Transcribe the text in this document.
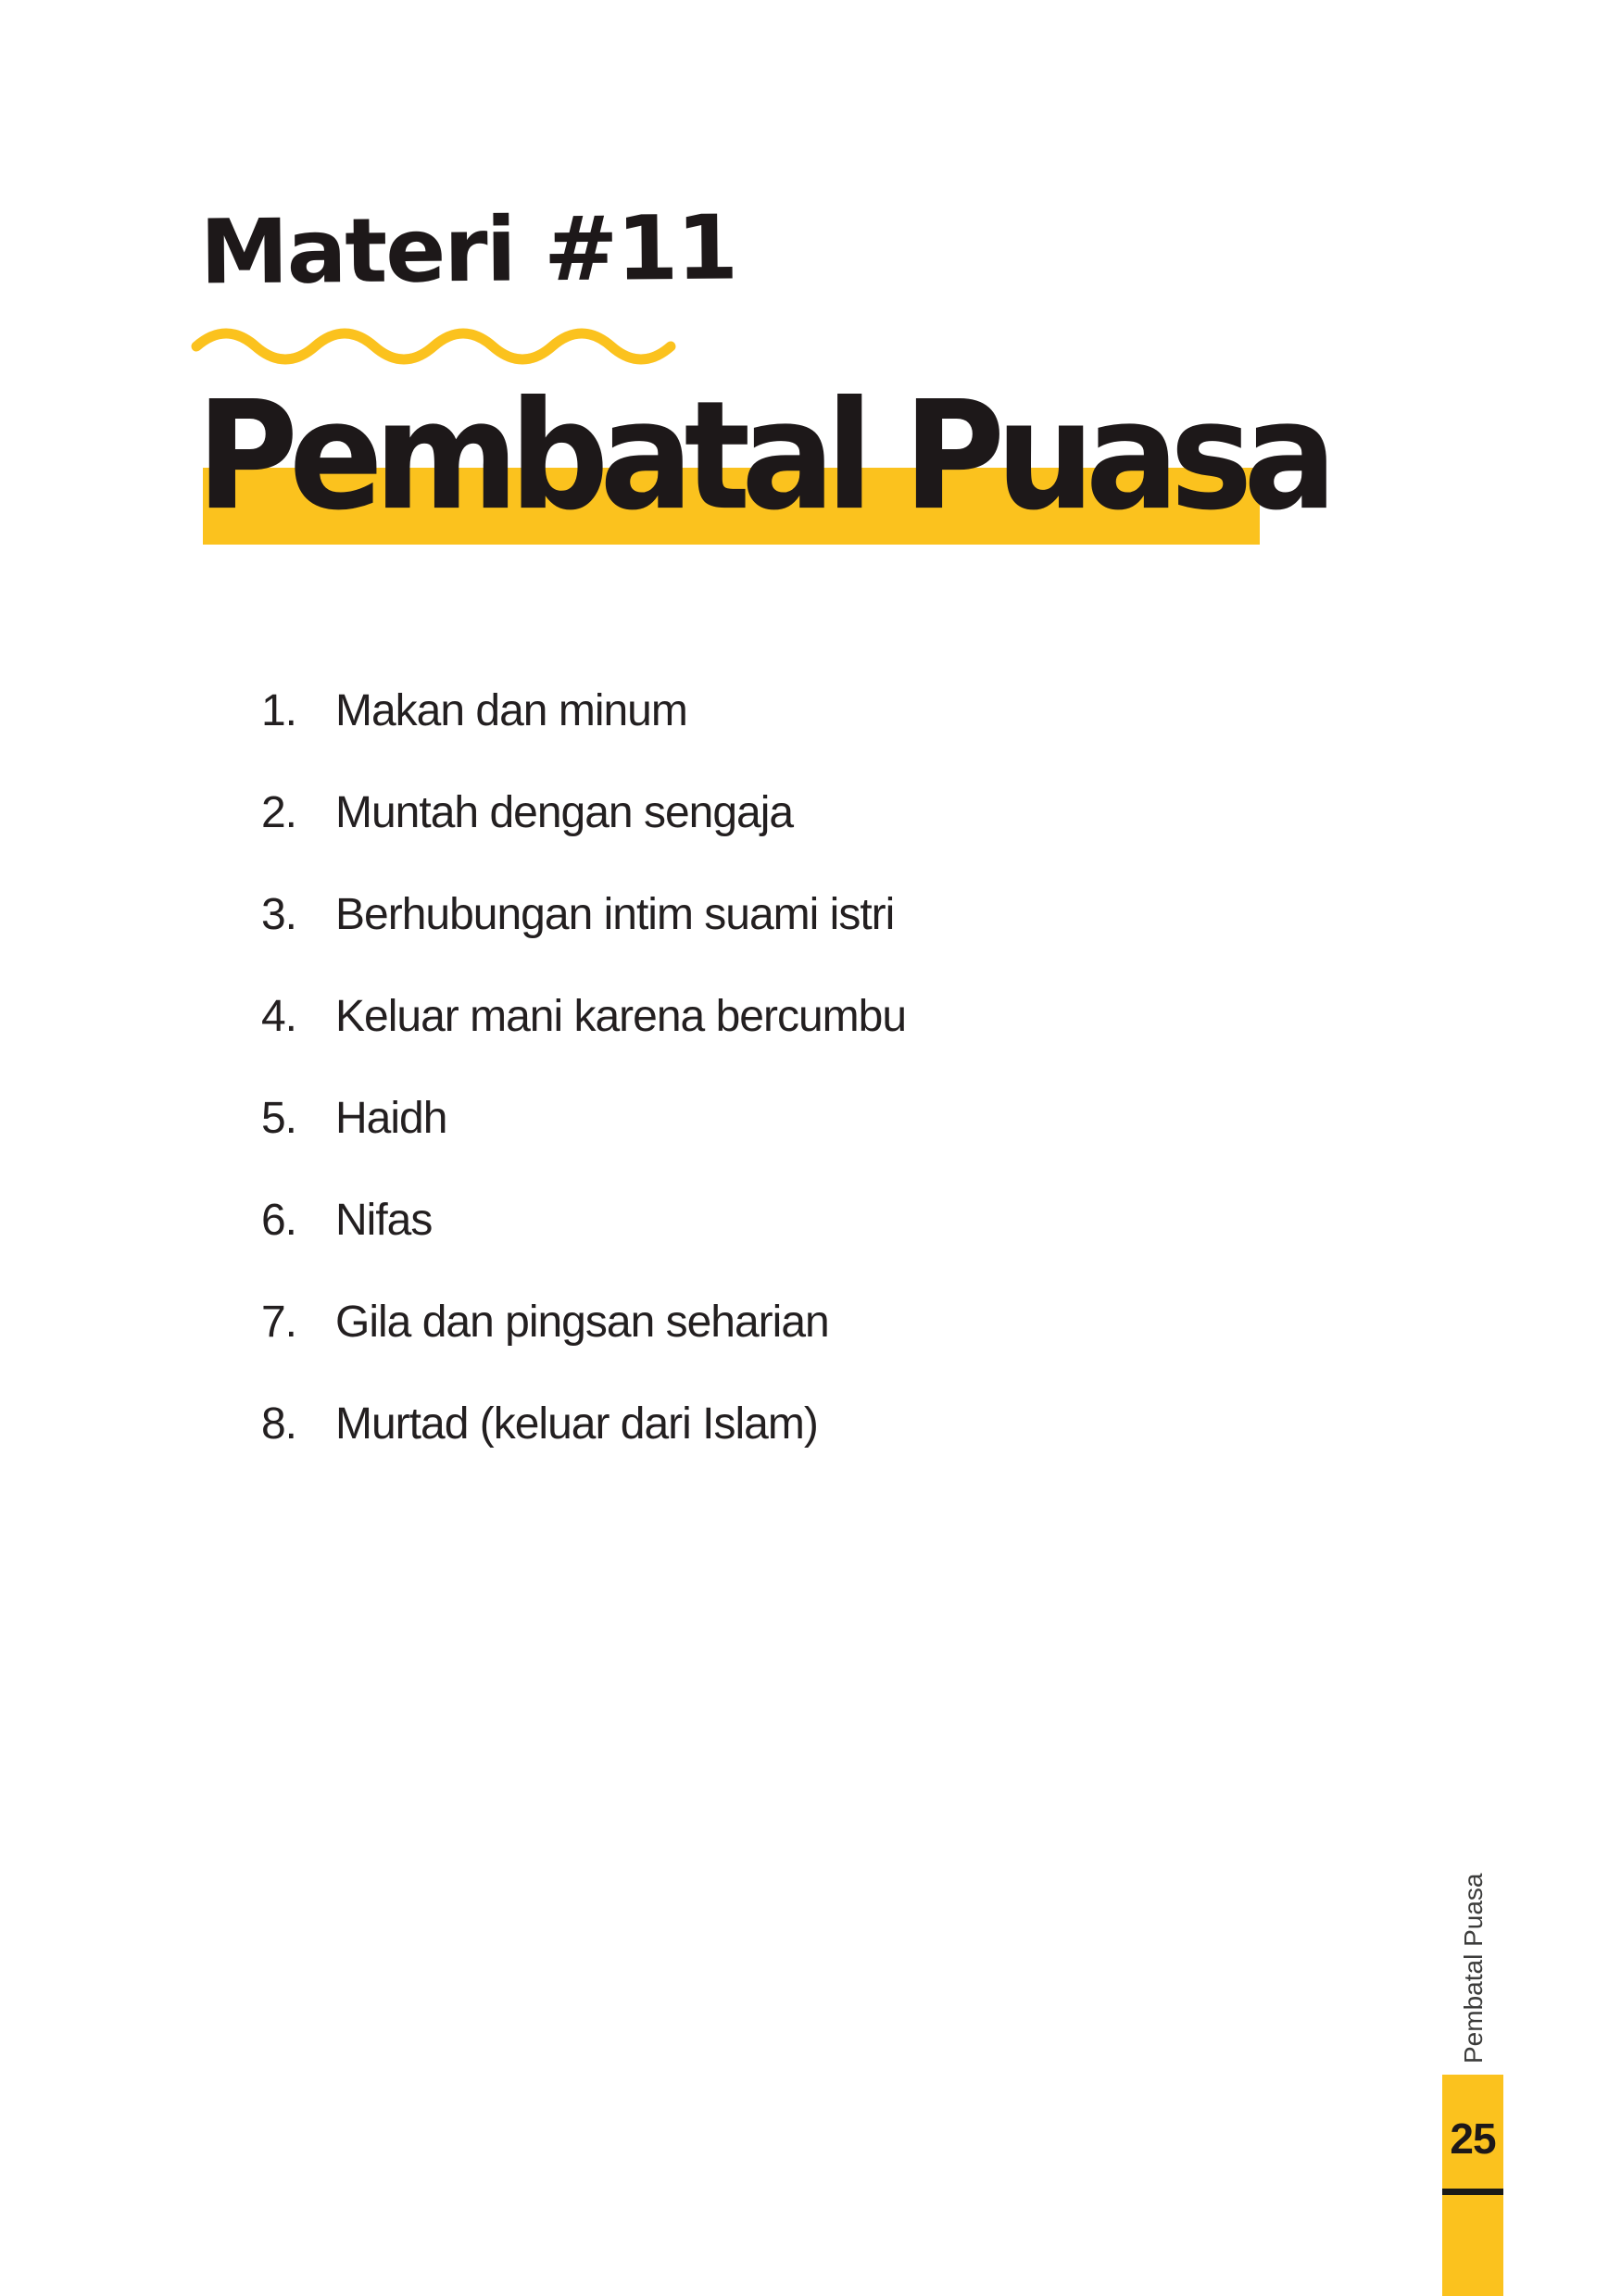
Materi #11
Pembatal Puasa
1. Makan dan minum
2. Muntah dengan sengaja
3. Berhubungan intim suami istri
4. Keluar mani karena bercumbu
5. Haidh
6. Nifas
7. Gila dan pingsan seharian
8. Murtad (keluar dari Islam)
Pembatal Puasa
25
